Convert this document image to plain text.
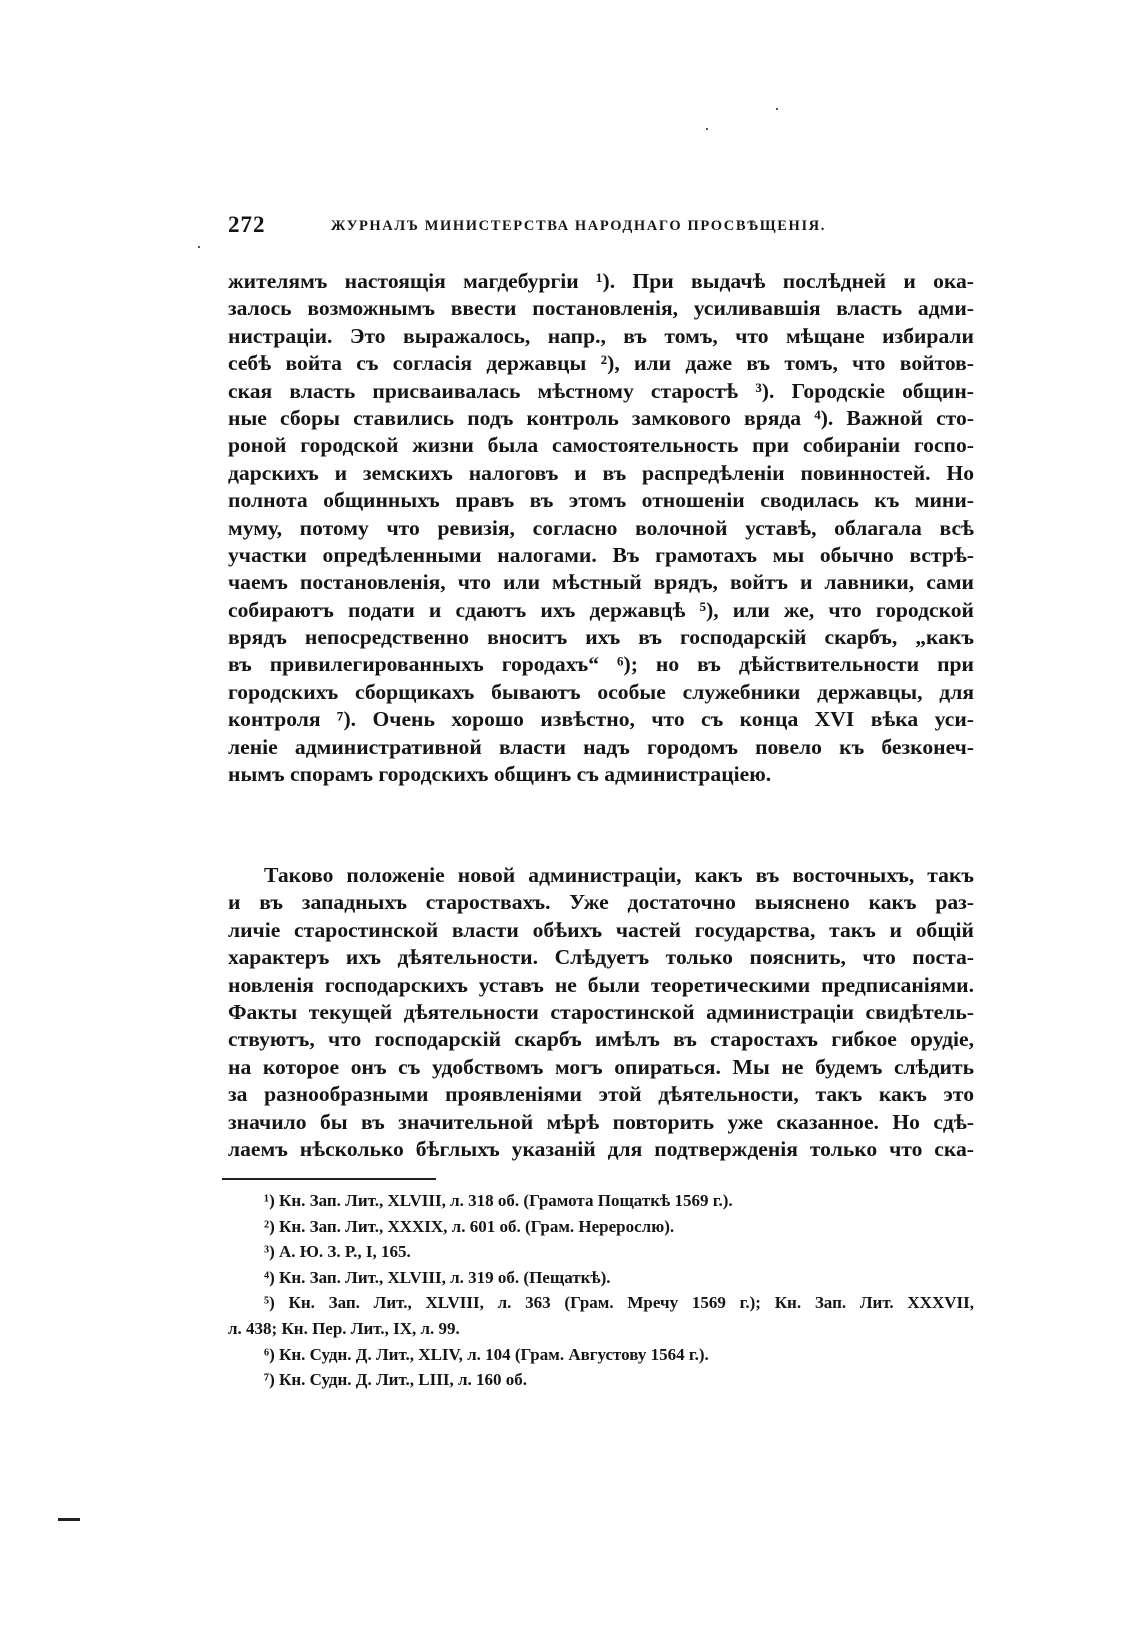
272	ЖУРНАЛЪ МИНИСТЕРСТВА НАРОДНАГО ПРОСВѢЩЕНІЯ.
жителямъ настоящія магдебургіи ¹). При выдачѣ послѣдней и ока-
залось возможнымъ ввести постановленія, усиливавшія власть адми-
нистраціи. Это выражалось, напр., въ томъ, что мѣщане избирали
себѣ войта съ согласія державцы ²), или даже въ томъ, что войтов-
ская власть присваивалась мѣстному старостѣ ³). Городскіе общин-
ные сборы ставились подъ контроль замкового вряда ⁴). Важной сто-
роной городской жизни была самостоятельность при собираніи госпо-
дарскихъ и земскихъ налоговъ и въ распредѣленіи повинностей. Но
полнота общинныхъ правъ въ этомъ отношеніи сводилась къ мини-
муму, потому что ревизія, согласно волочной уставѣ, облагала всѣ
участки опредѣленными налогами. Въ грамотахъ мы обычно встрѣ-
чаемъ постановленія, что или мѣстный врядъ, войтъ и лавники, сами
собираютъ подати и сдаютъ ихъ державцѣ ⁵), или же, что городской
врядъ непосредственно вноситъ ихъ въ господарскій скарбъ, „какъ
въ привилегированныхъ городахъ“ ⁶); но въ дѣйствительности при
городскихъ сборщикахъ бываютъ особые служебники державцы, для
контроля ⁷). Очень хорошо извѣстно, что съ конца XVI вѣка уси-
леніе административной власти надъ городомъ повело къ безконеч-
нымъ спорамъ городскихъ общинъ съ администраціею.
Таково положеніе новой администраціи, какъ въ восточныхъ, такъ
и въ западныхъ староствахъ. Уже достаточно выяснено какъ раз-
личіе старостинской власти обѣихъ частей государства, такъ и общій
характеръ ихъ дѣятельности. Слѣдуетъ только пояснить, что поста-
новленія господарскихъ уставъ не были теоретическими предписаніями.
Факты текущей дѣятельности старостинской администраціи свидѣтель-
ствуютъ, что господарскій скарбъ имѣлъ въ старостахъ гибкое орудіе,
на которое онъ съ удобствомъ могъ опираться. Мы не будемъ слѣдить
за разнообразными проявленіями этой дѣятельности, такъ какъ это
значило бы въ значительной мѣрѣ повторить уже сказанное. Но сдѣ-
лаемъ нѣсколько бѣглыхъ указаній для подтвержденія только что ска-
¹) Кн. Зап. Лит., XLVIII, л. 318 об. (Грамота Пощаткѣ 1569 г.).
²) Кн. Зап. Лит., XXXIX, л. 601 об. (Грам. Нерерослю).
³) А. Ю. З. Р., I, 165.
⁴) Кн. Зап. Лит., XLVIII, л. 319 об. (Пещаткѣ).
⁵) Кн. Зап. Лит., XLVIII, л. 363 (Грам. Мречу 1569 г.); Кн. Зап. Лит. XXXVII,
л. 438; Кн. Пер. Лит., IX, л. 99.
⁶) Кн. Судн. Д. Лит., XLIV, л. 104 (Грам. Августову 1564 г.).
⁷) Кн. Судн. Д. Лит., LIII, л. 160 об.
